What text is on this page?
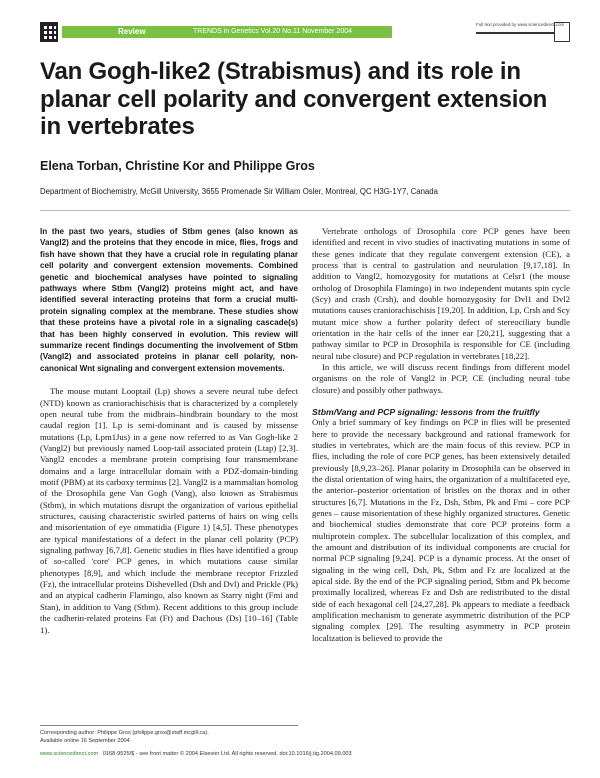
Review	TRENDS in Genetics Vol.20 No.11 November 2004
Full text provided by www.sciencedirect.com
Van Gogh-like2 (Strabismus) and its role in planar cell polarity and convergent extension in vertebrates

Elena Torban, Christine Kor and Philippe Gros

Department of Biochemistry, McGill University, 3655 Promenade Sir William Osler, Montreal, QC H3G-1Y7, Canada

In the past two years, studies of Stbm genes (also known as Vangl2) and the proteins that they encode in mice, flies, frogs and fish have shown that they have a crucial role in regulating planar cell polarity and convergent extension movements. Combined genetic and biochemical analyses have pointed to signaling pathways where Stbm (Vangl2) proteins might act, and have identified several interacting proteins that form a crucial multi-protein signaling complex at the membrane. These studies show that these proteins have a pivotal role in a signaling cascade(s) that has been highly conserved in evolution. This review will summarize recent findings documenting the involvement of Stbm (Vangl2) and associated proteins in planar cell polarity, non-canonical Wnt signaling and convergent extension movements.

The mouse mutant Looptail (Lp) shows a severe neural tube defect (NTD) known as craniorachischisis that is characterized by a completely open neural tube from the midbrain–hindbrain boundary to the most caudal region [1]. Lp is semi-dominant and is caused by missense mutations (Lp, Lpm1Jus) in a gene now referred to as Van Gogh-like 2 (Vangl2) but previously named Loop-tail associated protein (Ltap) [2,3]. Vangl2 encodes a membrane protein comprising four transmembrane domains and a large intracellular domain with a PDZ-domain-binding motif (PBM) at its carboxy terminus [2]. Vangl2 is a mammalian homolog of the Drosophila gene Van Gogh (Vang), also known as Strabismus (Stbm), in which mutations disrupt the organization of various epithelial structures, causing characteristic swirled patterns of hairs on wing cells and misorientation of eye ommatidia (Figure 1) [4,5]. These phenotypes are typical manifestations of a defect in the planar cell polarity (PCP) signaling pathway [6,7,8]. Genetic studies in flies have identified a group of so-called 'core' PCP genes, in which mutations cause similar phenotypes [8,9], and which include the membrane receptor Frizzled (Fz), the intracellular proteins Dishevelled (Dsh and Dvl) and Prickle (Pk) and an atypical cadherin Flamingo, also known as Starry night (Fmi and Stan), in addition to Vang (Stbm). Recent additions to this group include the cadherin-related proteins Fat (Ft) and Dachous (Ds) [10–16] (Table 1).

Vertebrate orthologs of Drosophila core PCP genes have been identified and recent in vivo studies of inactivating mutations in some of these genes indicate that they regulate convergent extension (CE), a process that is central to gastrulation and neurulation [9,17,18]. In addition to Vangl2, homozygosity for mutations at Celsr1 (the mouse ortholog of Drosophila Flamingo) in two independent mutants spin cycle (Scy) and crash (Crsh), and double homozygosity for Dvl1 and Dvl2 mutations causes craniorachischisis [19,20]. In addition, Lp, Crsh and Scy mutant mice show a further polarity defect of stereociliary bundle orientation in the hair cells of the inner ear [20,21], suggesting that a pathway similar to PCP in Drosophila is responsible for CE (including neural tube closure) and PCP regulation in vertebrates [18,22].

In this article, we will discuss recent findings from different model organisms on the role of Vangl2 in PCP, CE (including neural tube closure) and possibly other pathways.

Stbm/Vang and PCP signaling: lessons from the fruitfly

Only a brief summary of key findings on PCP in flies will be presented here to provide the necessary background and rational framework for studies in vertebrates, which are the main focus of this review. PCP in flies, including the role of core PCP genes, has been extensively detailed previously [8,9,23–26]. Planar polarity in Drosophila can be observed in the distal orientation of wing hairs, the organization of a multifaceted eye, the anterior–posterior orientation of bristles on the thorax and in other structures [6,7]. Mutations in the Fz, Dsh, Stbm, Pk and Fmi – core PCP genes – cause misorientation of these highly organized structures. Genetic and biochemical studies demonstrate that core PCP proteins form a multiprotein complex. The subcellular localization of this complex, and the amount and distribution of its individual components are crucial for normal PCP signaling [9,24]. PCP is a dynamic process. At the onset of signaling in the wing cell, Dsh, Pk, Stbm and Fz are localized at the apical side. By the end of the PCP signaling period, Stbm and Pk become proximally localized, whereas Fz and Dsh are redistributed to the distal side of each hexagonal cell [24,27,28]. Pk appears to mediate a feedback amplification mechanism to generate asymmetric distribution of the PCP signaling complex [29]. The resulting asymmetry in PCP protein localization is believed to provide the

Corresponding author: Philippe Gros (philippe.gros@staff.mcgill.ca).
Available online 16 September 2004
www.sciencedirect.com 0168-9525/$ - see front matter © 2004 Elsevier Ltd. All rights reserved. doi:10.1016/j.tig.2004.09.003
